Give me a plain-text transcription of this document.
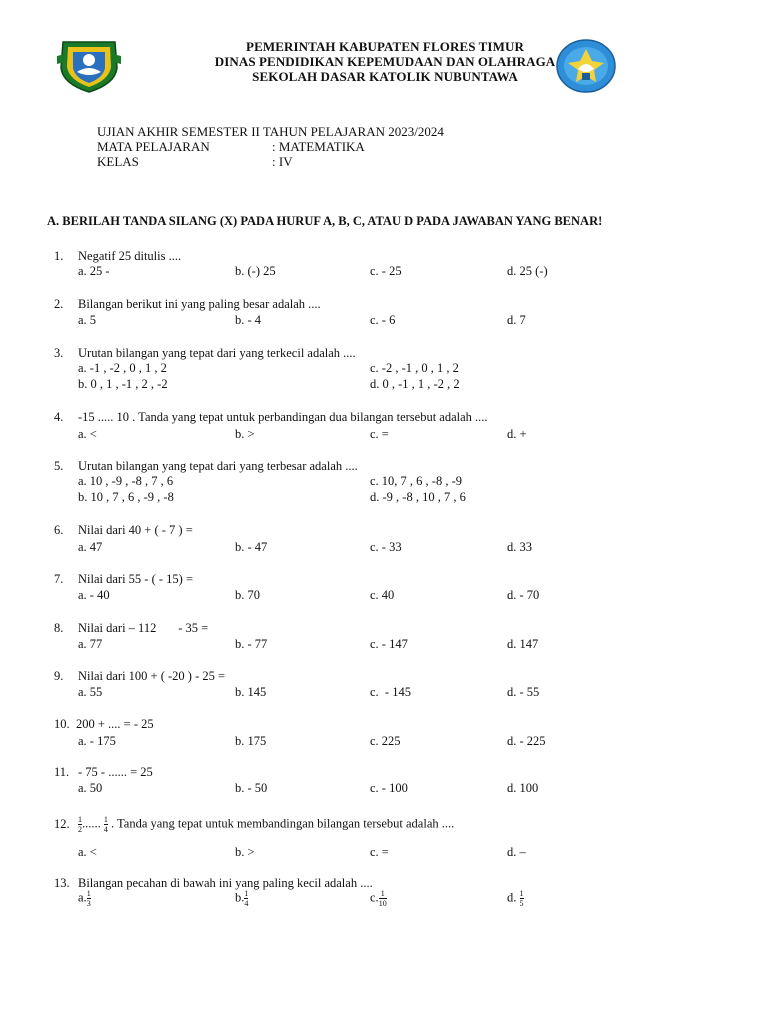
PEMERINTAH KABUPATEN FLORES TIMUR
DINAS PENDIDIKAN KEPEMUDAAN DAN OLAHRAGA
SEKOLAH DASAR KATOLIK NUBUNTAWA
UJIAN AKHIR SEMESTER II TAHUN PELAJARAN 2023/2024
MATA PELAJARAN	: MATEMATIKA
KELAS	: IV
A. BERILAH TANDA SILANG (X) PADA HURUF A, B, C, ATAU D PADA JAWABAN YANG BENAR!
1. Negatif 25 ditulis ....
a. 25 -	b. (-) 25	c. - 25	d. 25 (-)
2. Bilangan berikut ini yang paling besar adalah ....
a. 5	b. - 4	c. - 6	d. 7
3. Urutan bilangan yang tepat dari yang terkecil adalah ....
a. -1 , -2 , 0 , 1 , 2	c. -2 , -1 , 0 , 1 , 2
b. 0 , 1 , -1 , 2 , -2	d. 0 , -1 , 1 , -2 , 2
4. -15 ..... 10 . Tanda yang tepat untuk perbandingan dua bilangan tersebut adalah ....
a. <	b. >	c. =	d. +
5. Urutan bilangan yang tepat dari yang terbesar adalah ....
a. 10 , -9 , -8 , 7 , 6	c. 10, 7 , 6 , -8 , -9
b. 10 , 7 , 6 , -9 , -8	d. -9 , -8 , 10 , 7 , 6
6. Nilai dari 40 + ( - 7 ) =
a. 47	b. - 47	c. - 33	d. 33
7. Nilai dari 55 - ( - 15) =
a. - 40	b. 70	c. 40	d. - 70
8. Nilai dari – 112       - 35 =
a. 77	b. - 77	c. - 147	d. 147
9. Nilai dari 100 + ( -20 ) - 25 =
a. 55	b. 145	c.  - 145	d. - 55
10. 200 + .... = - 25
a. - 175	b. 175	c. 225	d. - 225
11. - 75 - ...... = 25
a. 50	b. - 50	c. - 100	d. 100
12. $\frac{1}{2}$ ...... $\frac{1}{4}$ . Tanda yang tepat untuk membandingan bilangan tersebut adalah ....
a. <	b. >	c. =	d. –
13. Bilangan pecahan di bawah ini yang paling kecil adalah ....
a. $\frac{1}{3}$	b. $\frac{1}{4}$	c. $\frac{1}{10}$	d. $\frac{1}{5}$
